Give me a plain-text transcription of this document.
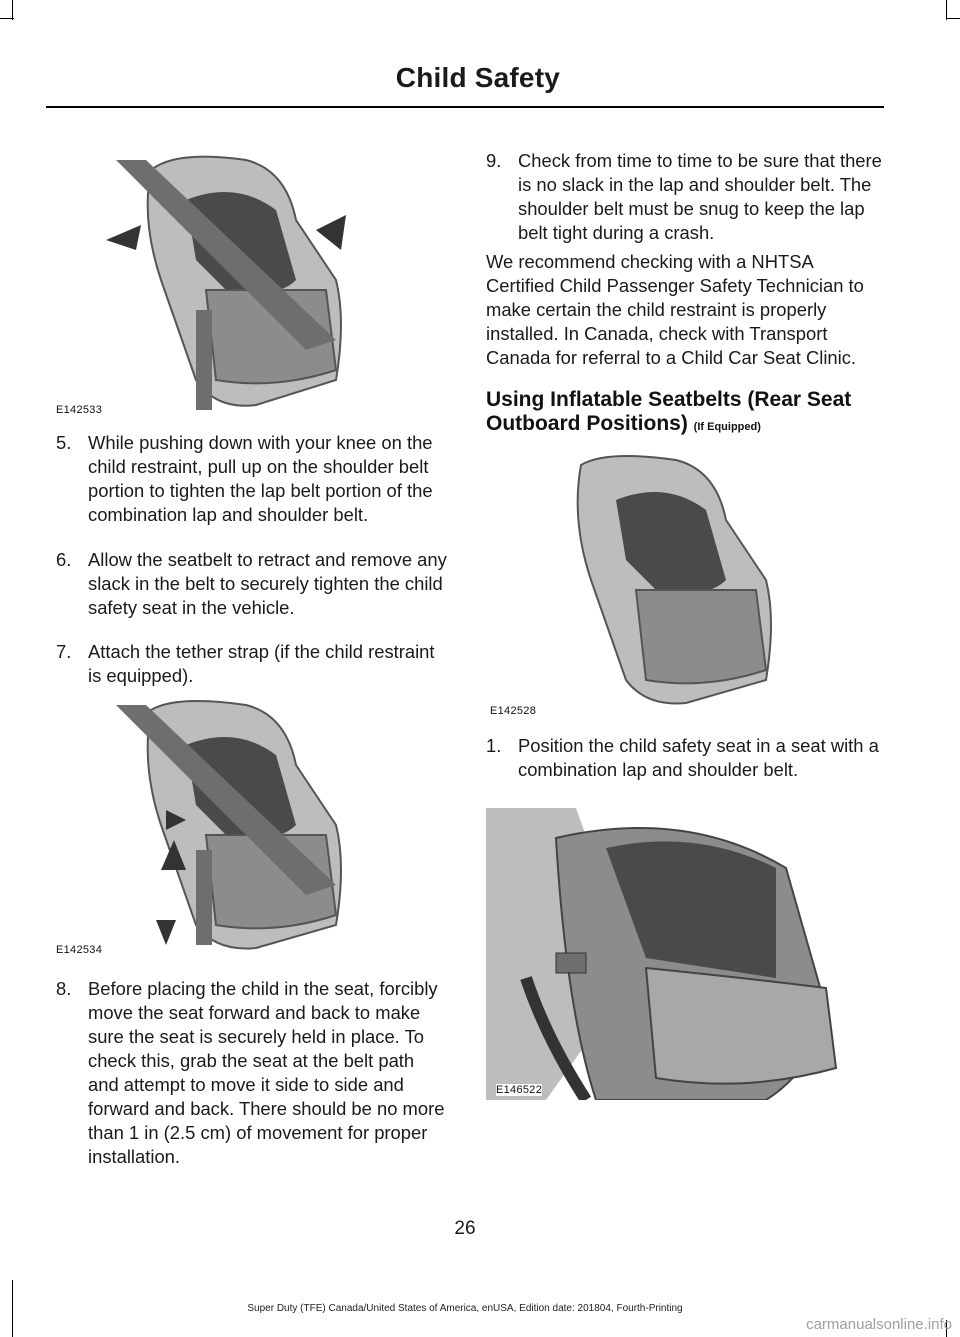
Child Safety
E142533
5. While pushing down with your knee on the child restraint, pull up on the shoulder belt portion to tighten the lap belt portion of the combination lap and shoulder belt.
6. Allow the seatbelt to retract and remove any slack in the belt to securely tighten the child safety seat in the vehicle.
7. Attach the tether strap (if the child restraint is equipped).
E142534
8. Before placing the child in the seat, forcibly move the seat forward and back to make sure the seat is securely held in place. To check this, grab the seat at the belt path and attempt to move it side to side and forward and back. There should be no more than 1 in (2.5 cm) of movement for proper installation.
9. Check from time to time to be sure that there is no slack in the lap and shoulder belt. The shoulder belt must be snug to keep the lap belt tight during a crash.
We recommend checking with a NHTSA Certified Child Passenger Safety Technician to make certain the child restraint is properly installed. In Canada, check with Transport Canada for referral to a Child Car Seat Clinic.
Using Inflatable Seatbelts (Rear Seat Outboard Positions) (If Equipped)
E142528
1. Position the child safety seat in a seat with a combination lap and shoulder belt.
E146522
26
Super Duty (TFE) Canada/United States of America, enUSA, Edition date: 201804, Fourth-Printing
carmanualsonline.info
